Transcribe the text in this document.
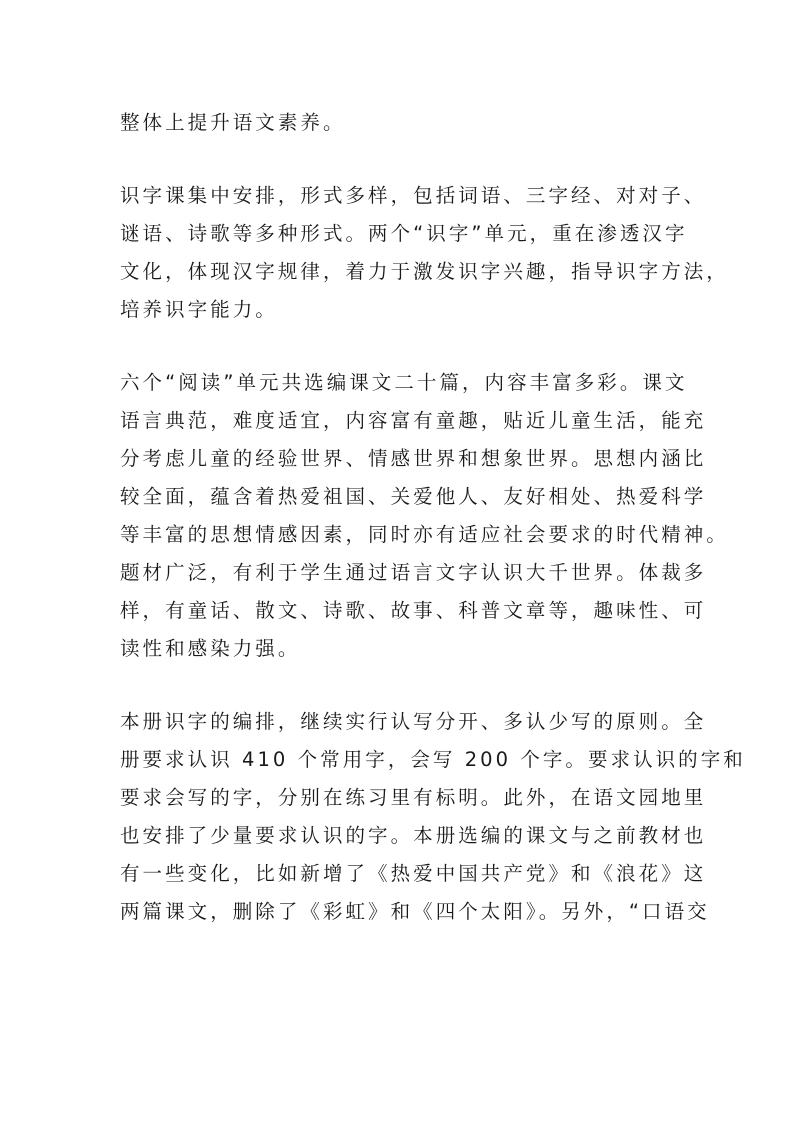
整体上提升语文素养。
识字课集中安排，形式多样，包括词语、三字经、对对子、
谜语、诗歌等多种形式。两个“识字”单元，重在渗透汉字
文化，体现汉字规律，着力于激发识字兴趣，指导识字方法，
培养识字能力。
六个“阅读”单元共选编课文二十篇，内容丰富多彩。课文
语言典范，难度适宜，内容富有童趣，贴近儿童生活，能充
分考虑儿童的经验世界、情感世界和想象世界。思想内涵比
较全面，蕴含着热爱祖国、关爱他人、友好相处、热爱科学
等丰富的思想情感因素，同时亦有适应社会要求的时代精神。
题材广泛，有利于学生通过语言文字认识大千世界。体裁多
样，有童话、散文、诗歌、故事、科普文章等，趣味性、可
读性和感染力强。
本册识字的编排，继续实行认写分开、多认少写的原则。全
册要求认识 410 个常用字，会写 200 个字。要求认识的字和
要求会写的字，分别在练习里有标明。此外，在语文园地里
也安排了少量要求认识的字。本册选编的课文与之前教材也
有一些变化，比如新增了《热爱中国共产党》和《浪花》这
两篇课文，删除了《彩虹》和《四个太阳》。另外，“口语交
